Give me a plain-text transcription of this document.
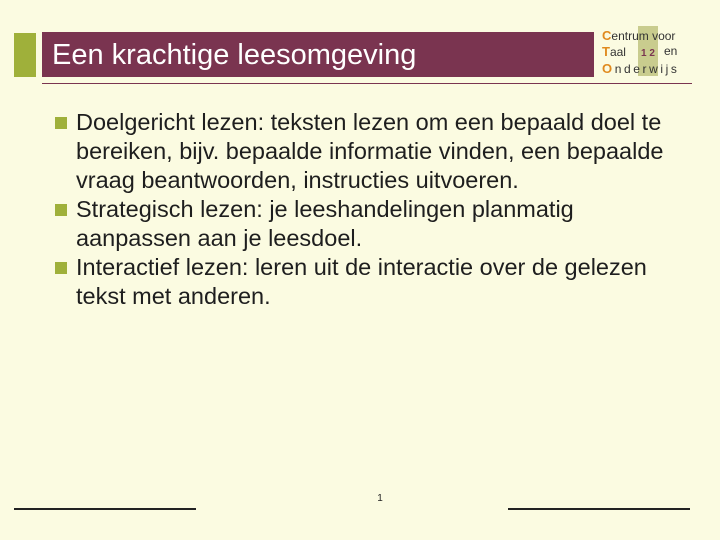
Een krachtige leesomgeving	1 2
Centrum voor
Taal	en
Onderwijs
Doelgericht lezen: teksten lezen om een bepaald doel te bereiken, bijv. bepaalde informatie vinden, een bepaalde vraag beantwoorden, instructies uitvoeren.
Strategisch lezen: je leeshandelingen planmatig aanpassen aan je leesdoel.
Interactief lezen: leren uit de interactie over de gelezen tekst met anderen.
1
